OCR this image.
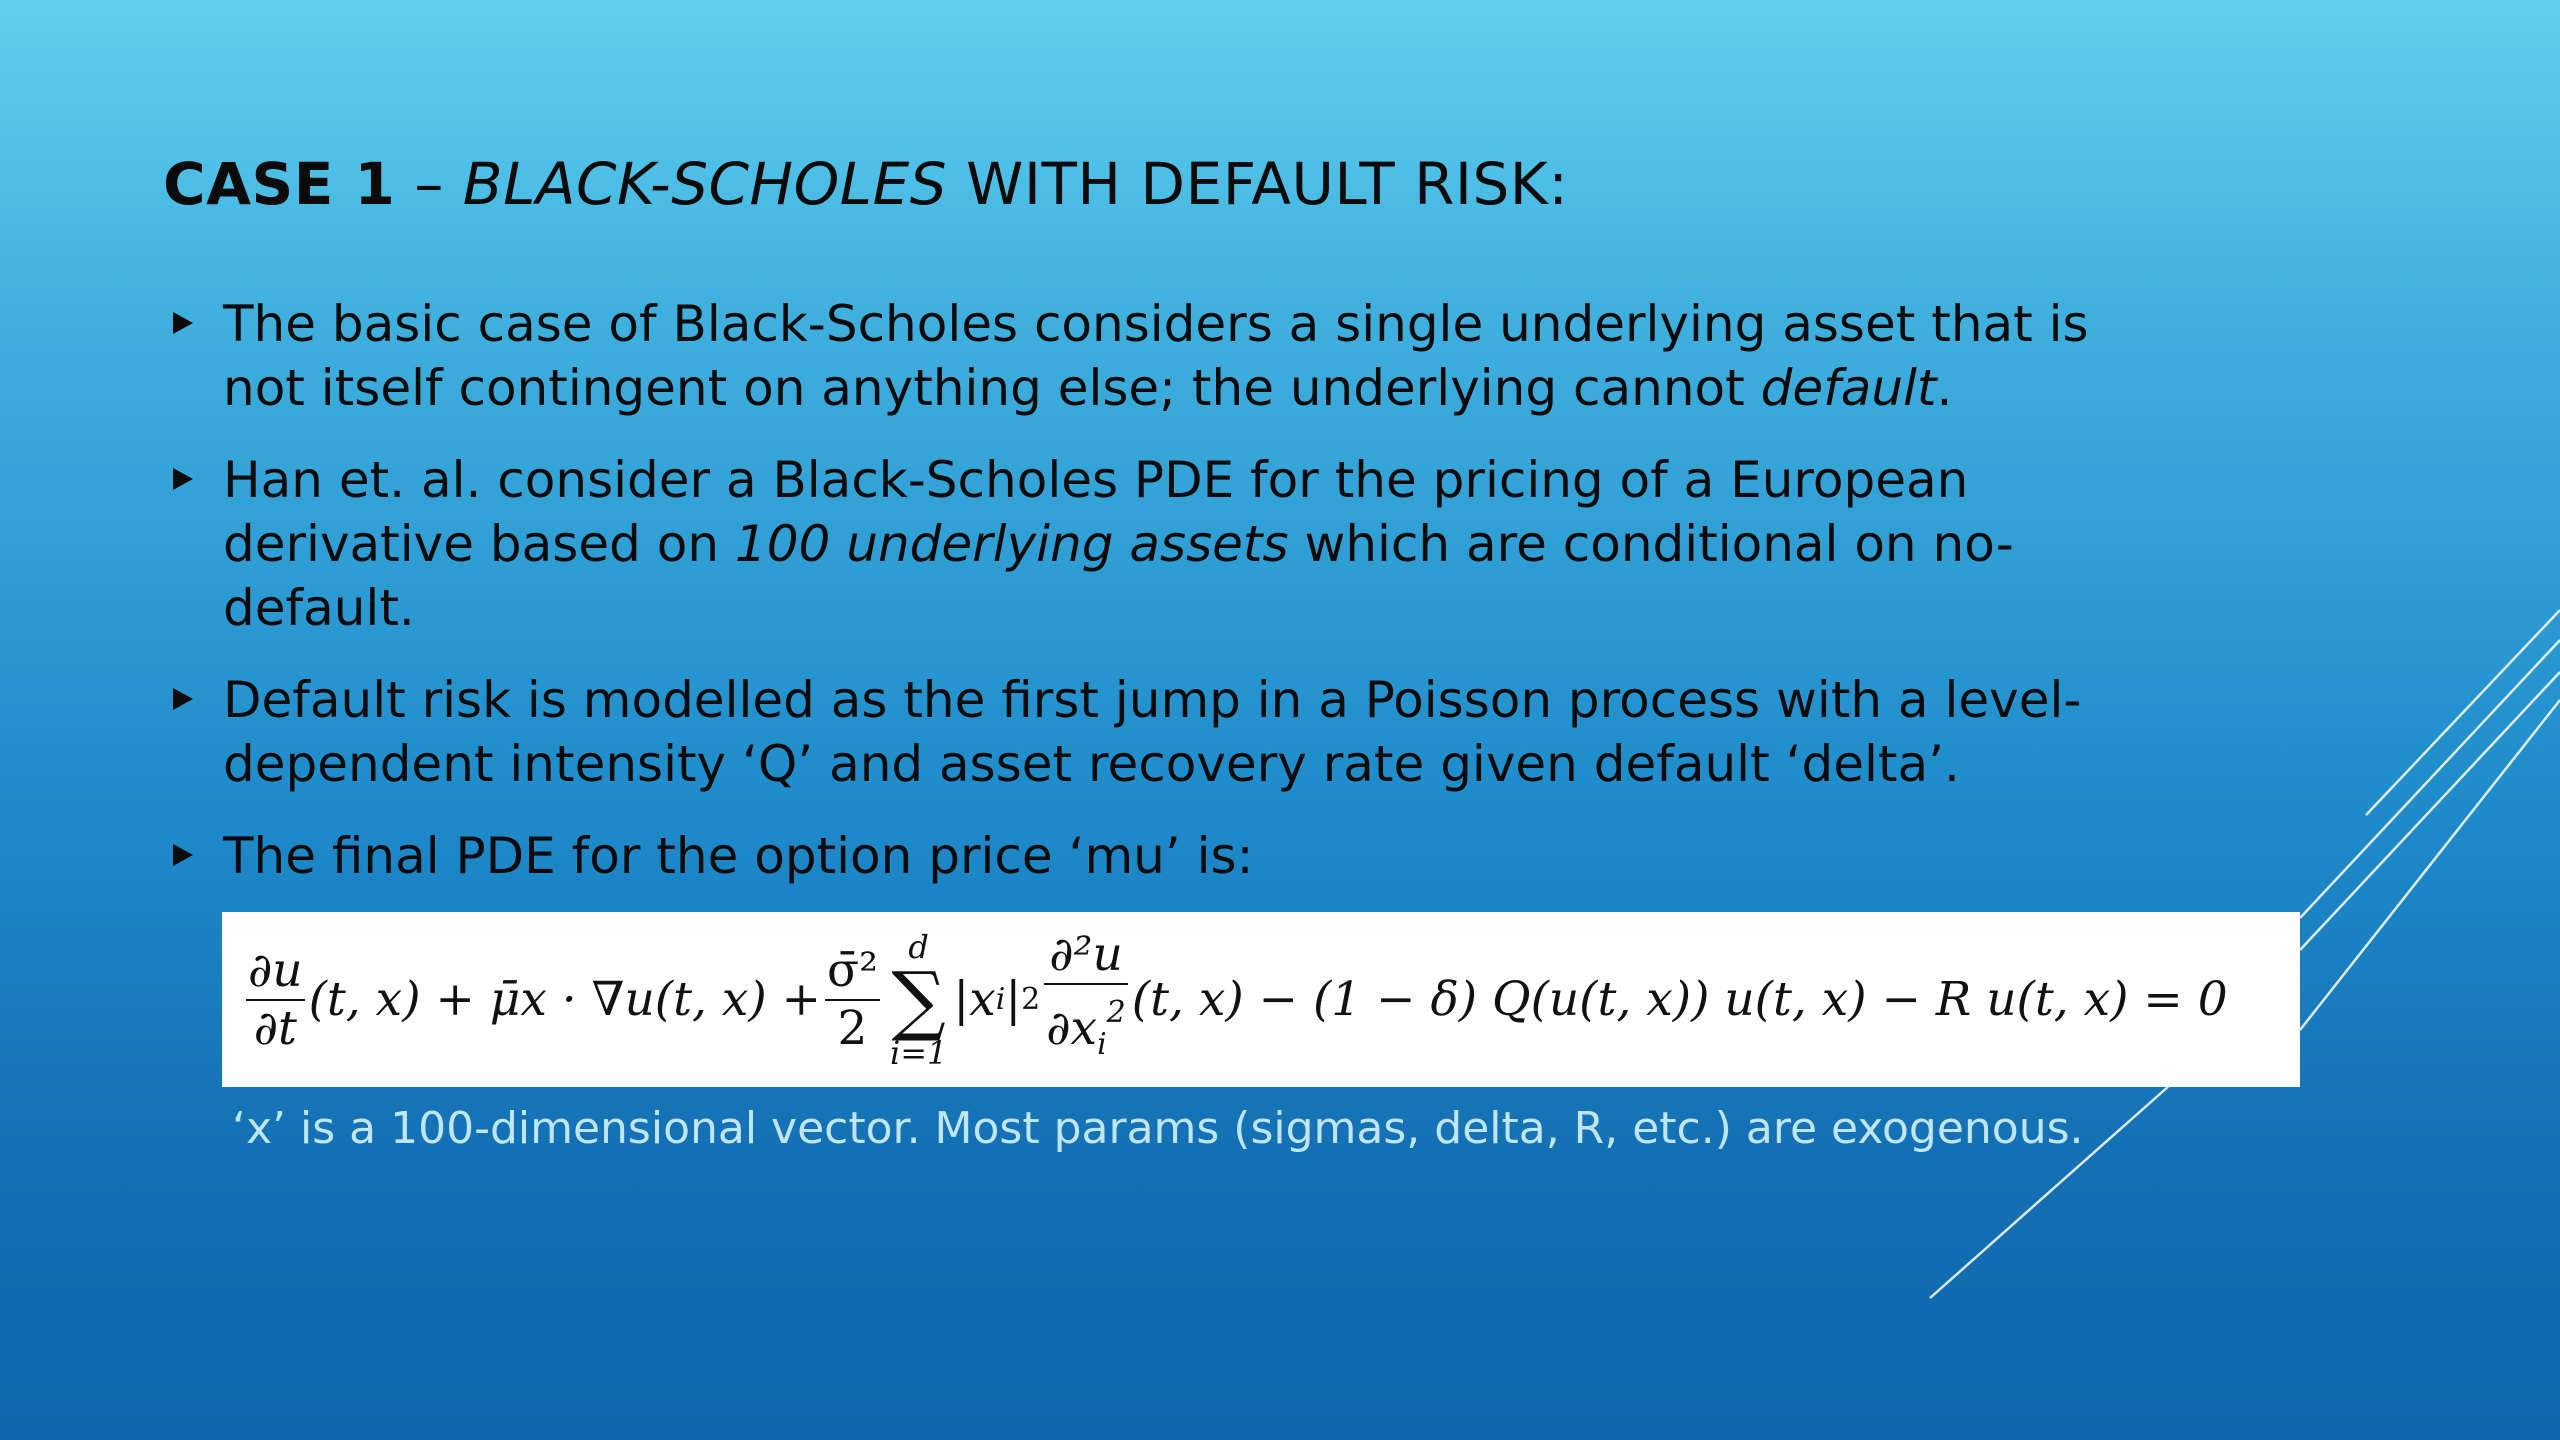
CASE 1 – BLACK-SCHOLES WITH DEFAULT RISK:
The basic case of Black-Scholes considers a single underlying asset that is not itself contingent on anything else; the underlying cannot default.
Han et. al. consider a Black-Scholes PDE for the pricing of a European derivative based on 100 underlying assets which are conditional on no-default.
Default risk is modelled as the first jump in a Poisson process with a level-dependent intensity ‘Q’ and asset recovery rate given default ‘delta’.
The final PDE for the option price ‘mu’ is:
$\frac{\partial u}{\partial t} (t$, x) + μ̄x · ∇u(t, $x) + \frac{\text{σ̄²}}{2}$ d
∑
i=1
|x i | $2 \frac{\text{∂²u}}{\partial x_i^2} (t$, x) − (1 − δ) Q(u(t, x)) u(t, x) − R u(t, x) = 0
‘x’ is a 100-dimensional vector. Most params (sigmas, delta, R, etc.) are exogenous.
